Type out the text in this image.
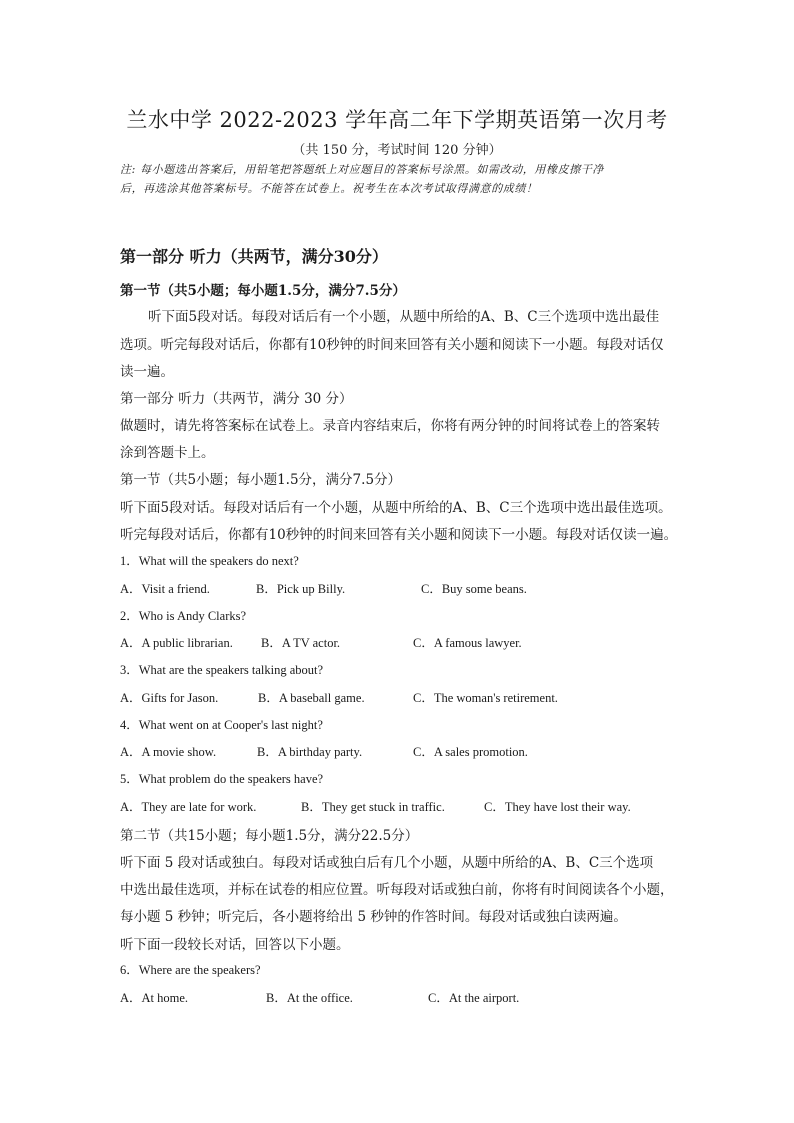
兰水中学 2022-2023 学年高二年下学期英语第一次月考
（共 150 分，考试时间 120 分钟）
注: 每小题选出答案后，用铅笔把答题纸上对应题目的答案标号涂黑。如需改动，用橡皮擦干净
后，再选涂其他答案标号。不能答在试卷上。祝考生在本次考试取得满意的成绩！
第一部分 听力（共两节，满分30分）
第一节（共5小题；每小题1.5分，满分7.5分）
听下面5段对话。每段对话后有一个小题，从题中所给的A、B、C三个选项中选出最佳
选项。听完每段对话后，你都有10秒钟的时间来回答有关小题和阅读下一小题。每段对话仅
读一遍。
第一部分 听力（共两节，满分 30 分）
做题时，请先将答案标在试卷上。录音内容结束后，你将有两分钟的时间将试卷上的答案转
涂到答题卡上。
第一节（共5小题；每小题1.5分，满分7.5分）
听下面5段对话。每段对话后有一个小题，从题中所给的A、B、C三个选项中选出最佳选项。
听完每段对话后，你都有10秒钟的时间来回答有关小题和阅读下一小题。每段对话仅读一遍。
1．What will the speakers do next?
A．Visit a friend.	B．Pick up Billy.	C．Buy some beans.
2．Who is Andy Clarks?
A．A public librarian. B．A TV actor.	C．A famous lawyer.
3．What are the speakers talking about?
A．Gifts for Jason.	B．A baseball game.	C．The woman's retirement.
4．What went on at Cooper's last night?
A．A movie show.	B．A birthday party.	C．A sales promotion.
5．What problem do the speakers have?
A．They are late for work.	B．They get stuck in traffic.	C．They have lost their way.
第二节（共15小题；每小题1.5分，满分22.5分）
听下面 5 段对话或独白。每段对话或独白后有几个小题，从题中所给的A、B、C三个选项
中选出最佳选项，并标在试卷的相应位置。听每段对话或独白前，你将有时间阅读各个小题，
每小题 5 秒钟；听完后，各小题将给出 5 秒钟的作答时间。每段对话或独白读两遍。
听下面一段较长对话，回答以下小题。
6．Where are the speakers?
A．At home.	B．At the office.	C．At the airport.
